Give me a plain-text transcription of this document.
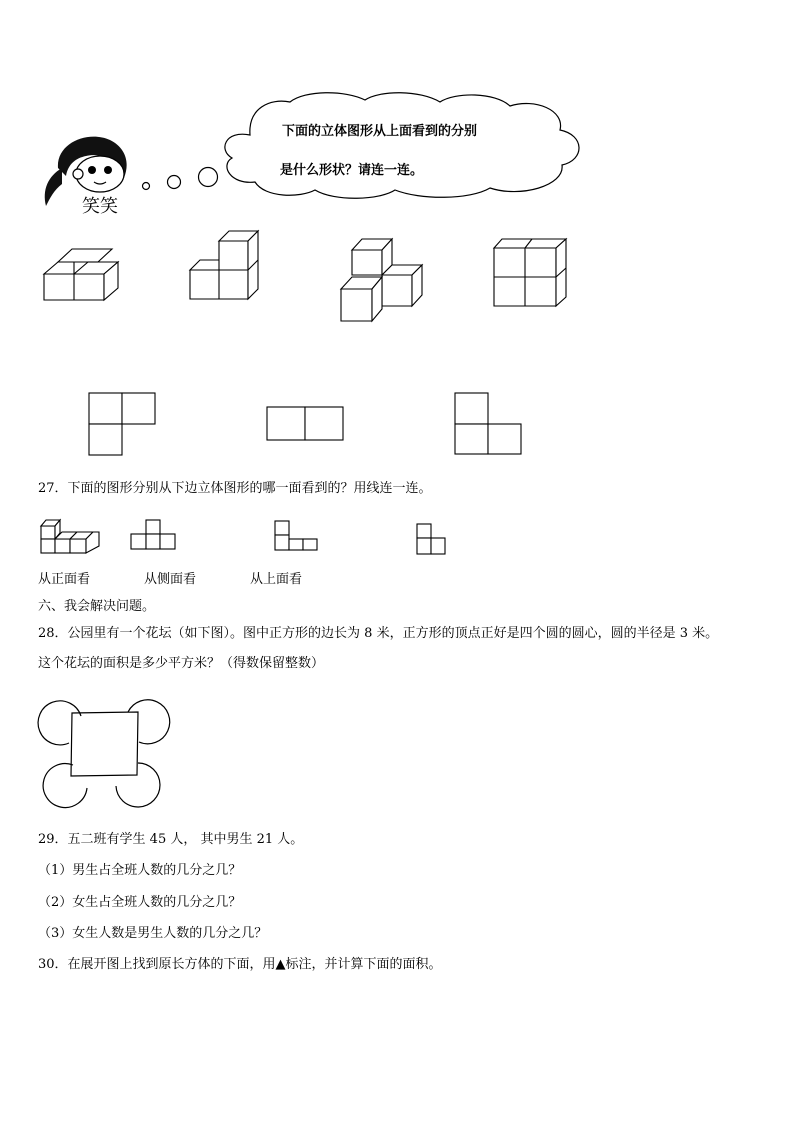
笑笑
下面的立体图形从上面看到的分别
是什么形状？请连一连。
27．下面的图形分别从下边立体图形的哪一面看到的？用线连一连。
从正面看	从侧面看	从上面看
六、我会解决问题。
28．公园里有一个花坛（如下图）。图中正方形的边长为 8 米，正方形的顶点正好是四个圆的圆心，圆的半径是 3 米。
这个花坛的面积是多少平方米？（得数保留整数）
29．五二班有学生 45 人， 其中男生 21 人。
（1）男生占全班人数的几分之几？
（2）女生占全班人数的几分之几？
（3）女生人数是男生人数的几分之几？
30．在展开图上找到原长方体的下面，用▲标注，并计算下面的面积。
